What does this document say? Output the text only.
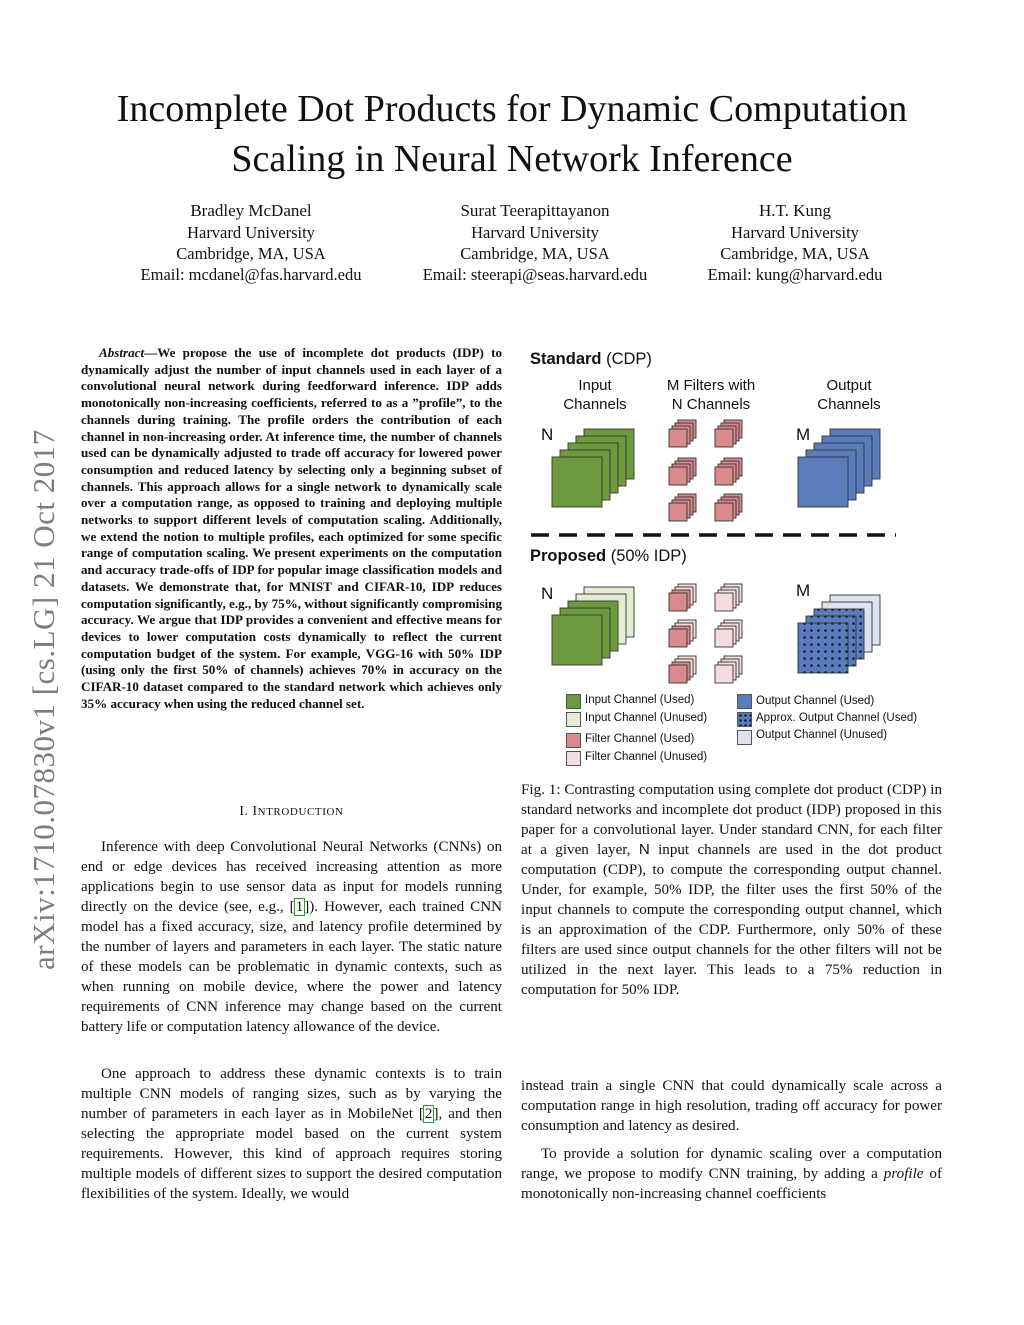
Incomplete Dot Products for Dynamic Computation
Scaling in Neural Network Inference
Bradley McDanel
Harvard University
Cambridge, MA, USA
Email: mcdanel@fas.harvard.edu
Surat Teerapittayanon
Harvard University
Cambridge, MA, USA
Email: steerapi@seas.harvard.edu
H.T. Kung
Harvard University
Cambridge, MA, USA
Email: kung@harvard.edu
arXiv:1710.07830v1 [cs.LG] 21 Oct 2017
Abstract—We propose the use of incomplete dot products (IDP) to dynamically adjust the number of input channels used in each layer of a convolutional neural network during feedforward inference. IDP adds monotonically non-increasing coefficients, referred to as a ”profile”, to the channels during training. The profile orders the contribution of each channel in non-increasing order. At inference time, the number of channels used can be dynamically adjusted to trade off accuracy for lowered power consumption and reduced latency by selecting only a beginning subset of channels. This approach allows for a single network to dynamically scale over a computation range, as opposed to training and deploying multiple networks to support different levels of computation scaling. Additionally, we extend the notion to multiple profiles, each optimized for some specific range of computation scaling. We present experiments on the computation and accuracy trade-offs of IDP for popular image classification models and datasets. We demonstrate that, for MNIST and CIFAR-10, IDP reduces computation significantly, e.g., by 75%, without significantly compromising accuracy. We argue that IDP provides a convenient and effective means for devices to lower computation costs dynamically to reflect the current computation budget of the system. For example, VGG-16 with 50% IDP (using only the first 50% of channels) achieves 70% in accuracy on the CIFAR-10 dataset compared to the standard network which achieves only 35% accuracy when using the reduced channel set.
I. INTRODUCTION
Inference with deep Convolutional Neural Networks (CNNs) on end or edge devices has received increasing attention as more applications begin to use sensor data as input for models running directly on the device (see, e.g., [1]). However, each trained CNN model has a fixed accuracy, size, and latency profile determined by the number of layers and parameters in each layer. The static nature of these models can be problematic in dynamic contexts, such as when running on mobile device, where the power and latency requirements of CNN inference may change based on the current battery life or computation latency allowance of the device.
One approach to address these dynamic contexts is to train multiple CNN models of ranging sizes, such as by varying the number of parameters in each layer as in MobileNet [2], and then selecting the appropriate model based on the current system requirements. However, this kind of approach requires storing multiple models of different sizes to support the desired computation flexibilities of the system. Ideally, we would
Standard (CDP)
Input
Channels
M Filters with
N Channels
Output
Channels
N	M
Proposed (50% IDP)
N	M
Input Channel (Used)
Input Channel (Unused)
Filter Channel (Used)
Filter Channel (Unused)
Output Channel (Used)
Approx. Output Channel (Used)
Output Channel (Unused)
Fig. 1: Contrasting computation using complete dot product (CDP) in standard networks and incomplete dot product (IDP) proposed in this paper for a convolutional layer. Under standard CNN, for each filter at a given layer, N input channels are used in the dot product computation (CDP), to compute the corresponding output channel. Under, for example, 50% IDP, the filter uses the first 50% of the input channels to compute the corresponding output channel, which is an approximation of the CDP. Furthermore, only 50% of these filters are used since output channels for the other filters will not be utilized in the next layer. This leads to a 75% reduction in computation for 50% IDP.
instead train a single CNN that could dynamically scale across a computation range in high resolution, trading off accuracy for power consumption and latency as desired.
To provide a solution for dynamic scaling over a computation range, we propose to modify CNN training, by adding a profile of monotonically non-increasing channel coefficients
